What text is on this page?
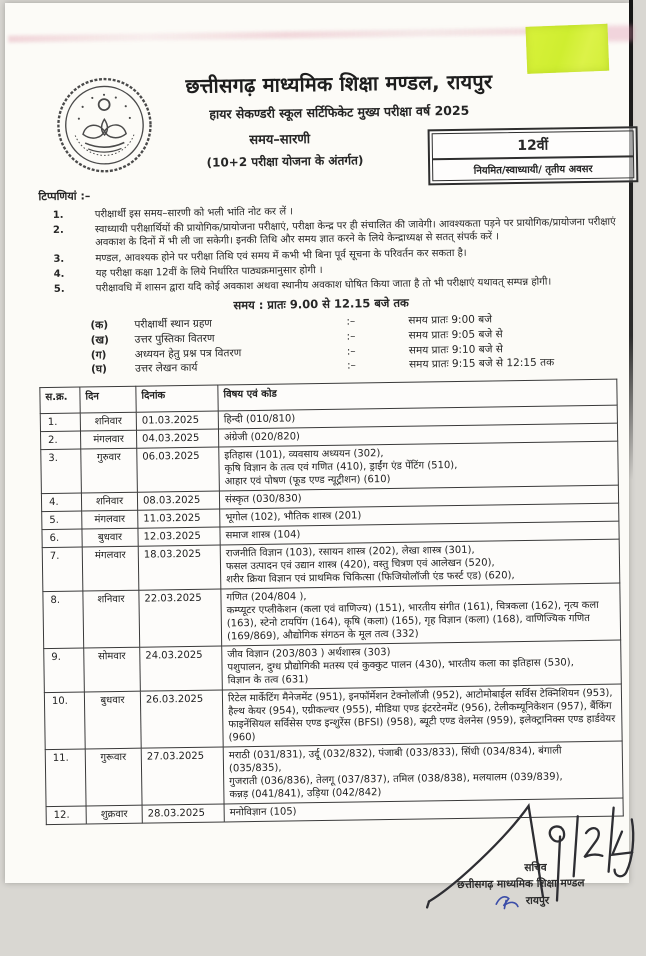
छत्तीसगढ़ माध्यमिक शिक्षा मण्डल, रायपुर
हायर सेकण्डरी स्कूल सर्टिफिकेट मुख्य परीक्षा वर्ष 2025
समय–सारणी
(10+2 परीक्षा योजना के अंतर्गत)
12वीं
नियमित/स्वाध्यायी/ तृतीय अवसर
टिप्पणियां :–
1.	परीक्षार्थी इस समय–सारणी को भली भांति नोट कर लें ।
2.	स्वाध्यायी परीक्षार्थियों की प्रायोगिक/प्रायोजना परीक्षाएं, परीक्षा केन्द्र पर ही संचालित की जावेगी। आवश्यकता पड़ने पर प्रायोगिक/प्रायोजना परीक्षाएं अवकाश के दिनों में भी ली जा सकेगी। इनकी तिथि और समय ज्ञात करने के लिये केन्द्राध्यक्ष से सतत् संपर्क करें ।
3.	मण्डल, आवश्यक होने पर परीक्षा तिथि एवं समय में कभी भी बिना पूर्व सूचना के परिवर्तन कर सकता है।
4.	यह परीक्षा कक्षा 12वीं के लिये निर्धारित पाठ्यक्रमानुसार होगी ।
5.	परीक्षावधि में शासन द्वारा यदि कोई अवकाश अथवा स्थानीय अवकाश घोषित किया जाता है तो भी परीक्षाएं यथावत् सम्पन्न होगी।
समय : प्रातः 9.00 से 12.15 बजे तक
(क)	परीक्षार्थी स्थान ग्रहण	:–	समय प्रातः 9:00 बजे
(ख)	उत्तर पुस्तिका वितरण	:–	समय प्रातः 9:05 बजे से
(ग)	अध्ययन हेतु प्रश्न पत्र वितरण	:–	समय प्रातः 9:10 बजे से
(घ)	उत्तर लेखन कार्य	:–	समय प्रातः 9:15 बजे से 12:15 तक
स.क्र.	दिन	दिनांक	विषय एवं कोड
1.	शनिवार	01.03.2025	हिन्दी (010/810)

2.	मंगलवार	04.03.2025	अंग्रेजी (020/820)

3.	गुरुवार	06.03.2025	इतिहास (101), व्यवसाय अध्ययन (302),
कृषि विज्ञान के तत्व एवं गणित (410), ड्राईंग एंड पेंटिंग (510),
आहार एवं पोषण (फूड एण्ड न्यूट्रीशन) (610)

4.	शनिवार	08.03.2025	संस्कृत (030/830)

5.	मंगलवार	11.03.2025	भूगोल (102), भौतिक शास्त्र (201)

6.	बुधवार	12.03.2025	समाज शास्त्र (104)

7.	मंगलवार	18.03.2025	राजनीति विज्ञान (103), रसायन शास्त्र (202), लेखा शास्त्र (301),
फसल उत्पादन एवं उद्यान शास्त्र (420), वस्तु चित्रण एवं आलेखन (520),
शरीर क्रिया विज्ञान एवं प्राथमिक चिकित्सा (फिजियोलॉजी एंड फर्स्ट एड) (620),

8.	शनिवार	22.03.2025	गणित (204/804 ),
कम्प्यूटर एप्लीकेशन (कला एवं वाणिज्य) (151), भारतीय संगीत (161), चित्रकला (162), नृत्य कला (163), स्टेनो टायपिंग (164), कृषि (कला) (165), गृह विज्ञान (कला) (168), वाणिज्यिक गणित (169/869), औद्योगिक संगठन के मूल तत्व (332)

9.	सोमवार	24.03.2025	जीव विज्ञान (203/803 ) अर्थशास्त्र (303)
पशुपालन, दुग्ध प्रौद्योगिकी मतस्य एवं कुक्कुट पालन (430), भारतीय कला का इतिहास (530),
विज्ञान के तत्व (631)

10.	बुधवार	26.03.2025	रिटेल मार्केटिंग मैनेजमेंट (951), इनफॉर्मेशन टेक्नोलॉजी (952), आटोमोबाईल सर्विस टेक्निशियन (953), हैल्थ केयर (954), एग्रीकल्चर (955), मीडिया एण्ड इंटरटेनमेंट (956), टेलीकम्यूनिकेशन (957), बैंकिंग फाइनेंसियल सर्विसेस एण्ड इन्शुरेंस (BFSI) (958), ब्यूटी एण्ड वेलनेस (959), इलेक्ट्रानिक्स एण्ड हार्डवेयर (960)

11.	गुरूवार	27.03.2025	मराठी (031/831), उर्दू (032/832), पंजाबी (033/833), सिंधी (034/834), बंगाली (035/835),
गुजराती (036/836), तेलगू (037/837), तमिल (038/838), मलयालम (039/839),
कन्नड़ (041/841), उड़िया (042/842)

12.	शुक्रवार	28.03.2025	मनोविज्ञान (105)
सचिव
छत्तीसगढ़ माध्यमिक शिक्षा मण्डल
रायपुर
